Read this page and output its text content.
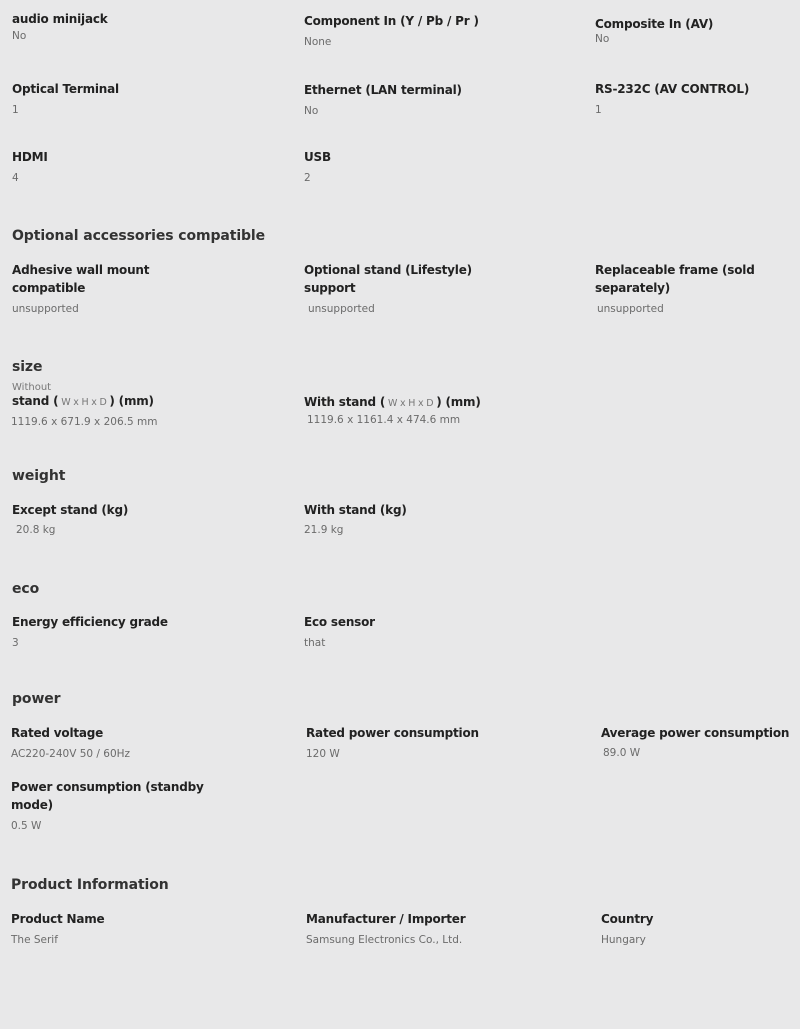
audio minijack
No
Component In (Y / Pb / Pr )
None
Composite In (AV)
No
Optical Terminal
1
Ethernet (LAN terminal)
No
RS-232C (AV CONTROL)
1
HDMI
4
USB
2
Optional accessories compatible
Adhesive wall mount
compatible
unsupported
Optional stand (Lifestyle)
support
unsupported
Replaceable frame (sold
separately)
unsupported
size
Without
stand ( W x H x D ) (mm)
1119.6 x 671.9 x 206.5 mm
With stand ( W x H x D ) (mm)
1119.6 x 1161.4 x 474.6 mm
weight
Except stand (kg)
20.8 kg
With stand (kg)
21.9 kg
eco
Energy efficiency grade
3
Eco sensor
that
power
Rated voltage
AC220-240V 50 / 60Hz
Rated power consumption
120 W
Average power consumption
89.0 W
Power consumption (standby
mode)
0.5 W
Product Information
Product Name
The Serif
Manufacturer / Importer
Samsung Electronics Co., Ltd.
Country
Hungary
